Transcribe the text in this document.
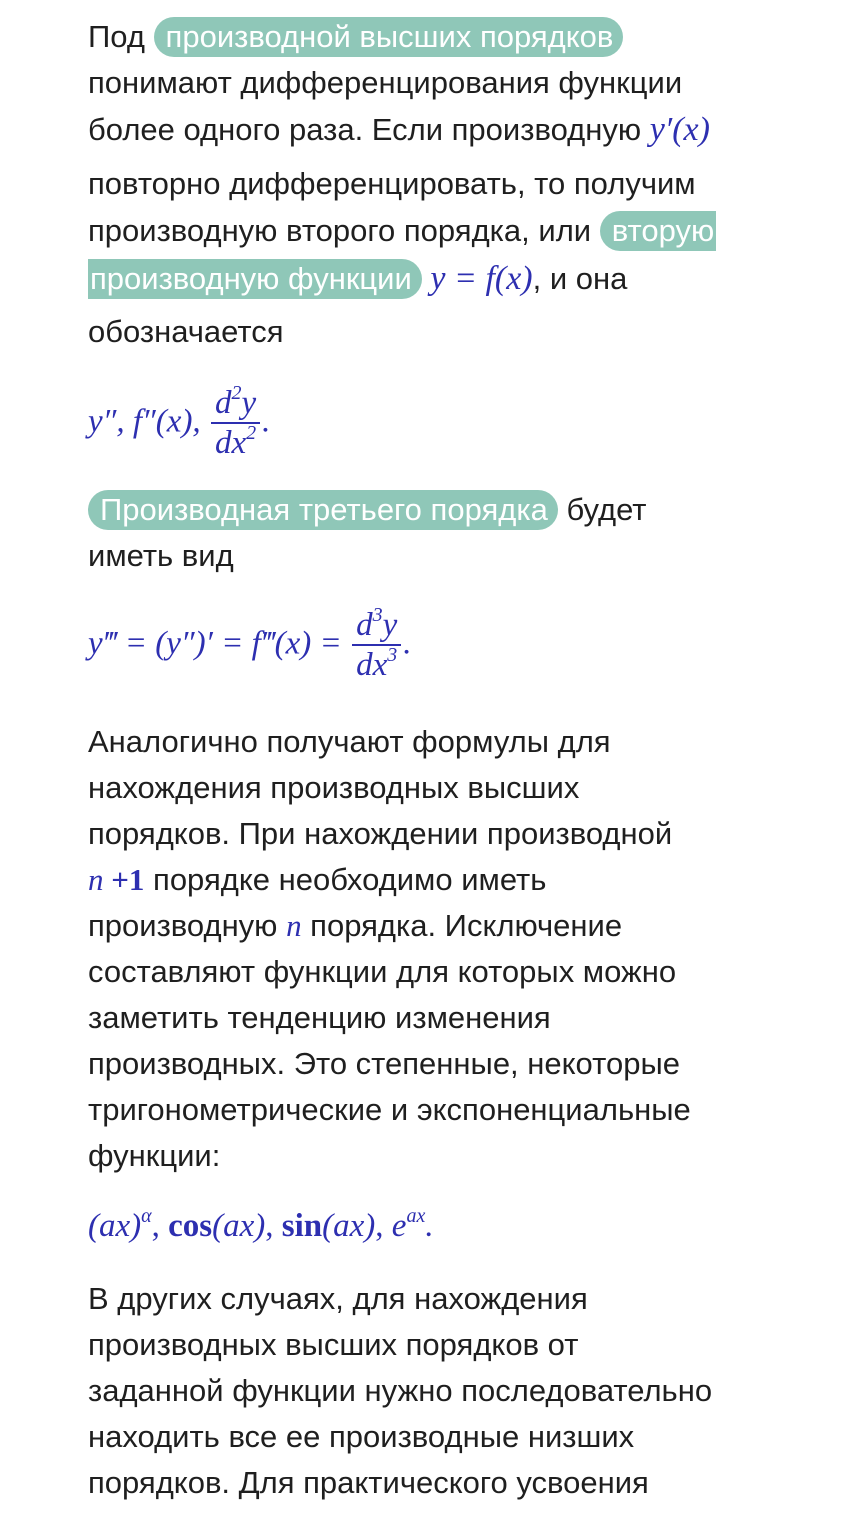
Под производной высших порядков
понимают дифференцирования функции
более одного раза. Если производную y′(x)
повторно дифференцировать, то получим
производную второго порядка, или вторую
производную функции y = f(x), и она
обозначается
y″, f″(x), $\frac{d^2y}{dx^2}$ .
Производная третьего порядка будет
иметь вид
y‴ = (y″)′ = f‴(x) = $\frac{d^3y}{dx^3}$ .
Аналогично получают формулы для
нахождения производных высших
порядков. При нахождении производной
n +1 порядке необходимо иметь
производную n порядка. Исключение
составляют функции для которых можно
заметить тенденцию изменения
производных. Это степенные, некоторые
тригонометрические и экспоненциальные
функции:
(ax)$^\alpha$, cos(ax), sin(ax), $e^{ax}$.
В других случаях, для нахождения
производных высших порядков от
заданной функции нужно последовательно
находить все ее производные низших
порядков. Для практического усвоения
